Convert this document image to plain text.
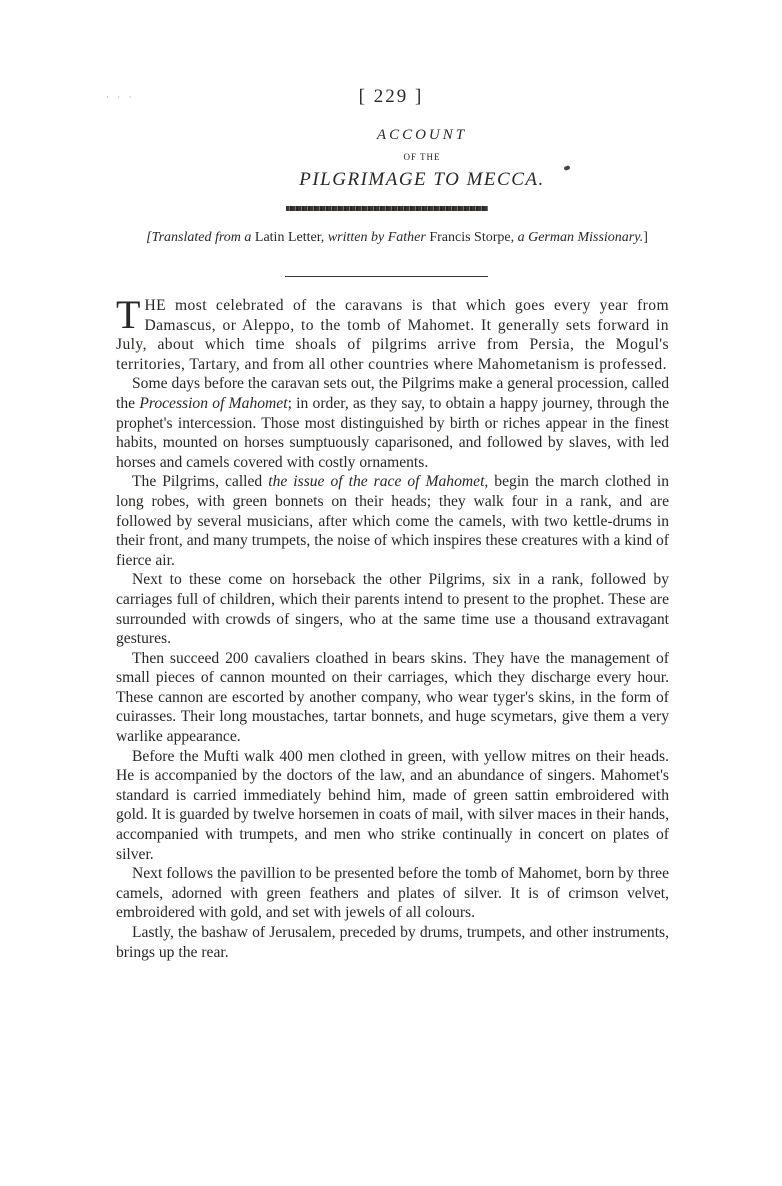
· · ·	[ 229 ]
ACCOUNT
OF THE
PILGRIMAGE TO MECCA.
[Translated from a Latin Letter, written by Father Francis Storpe, a German Missionary.]

THE most celebrated of the caravans is that which goes every year from Damascus, or Aleppo, to the tomb of Mahomet. It generally sets forward in July, about which time shoals of pilgrims arrive from Persia, the Mogul's territories, Tartary, and from all other countries where Mahometanism is professed.

Some days before the caravan sets out, the Pilgrims make a general procession, called the Procession of Mahomet; in order, as they say, to obtain a happy journey, through the prophet's intercession. Those most distinguished by birth or riches appear in the finest habits, mounted on horses sumptuously caparisoned, and followed by slaves, with led horses and camels covered with costly ornaments.

The Pilgrims, called the issue of the race of Mahomet, begin the march clothed in long robes, with green bonnets on their heads; they walk four in a rank, and are followed by several musicians, after which come the camels, with two kettle-drums in their front, and many trumpets, the noise of which inspires these creatures with a kind of fierce air.

Next to these come on horseback the other Pilgrims, six in a rank, followed by carriages full of children, which their parents intend to present to the prophet. These are surrounded with crowds of singers, who at the same time use a thousand extravagant gestures.

Then succeed 200 cavaliers cloathed in bears skins. They have the management of small pieces of cannon mounted on their carriages, which they discharge every hour. These cannon are escorted by another company, who wear tyger's skins, in the form of cuirasses. Their long moustaches, tartar bonnets, and huge scymetars, give them a very warlike appearance.

Before the Mufti walk 400 men clothed in green, with yellow mitres on their heads. He is accompanied by the doctors of the law, and an abundance of singers. Mahomet's standard is carried immediately behind him, made of green sattin embroidered with gold. It is guarded by twelve horsemen in coats of mail, with silver maces in their hands, accompanied with trumpets, and men who strike continually in concert on plates of silver.

Next follows the pavillion to be presented before the tomb of Mahomet, born by three camels, adorned with green feathers and plates of silver. It is of crimson velvet, embroidered with gold, and set with jewels of all colours.

Lastly, the bashaw of Jerusalem, preceded by drums, trumpets, and other instruments, brings up the rear.
